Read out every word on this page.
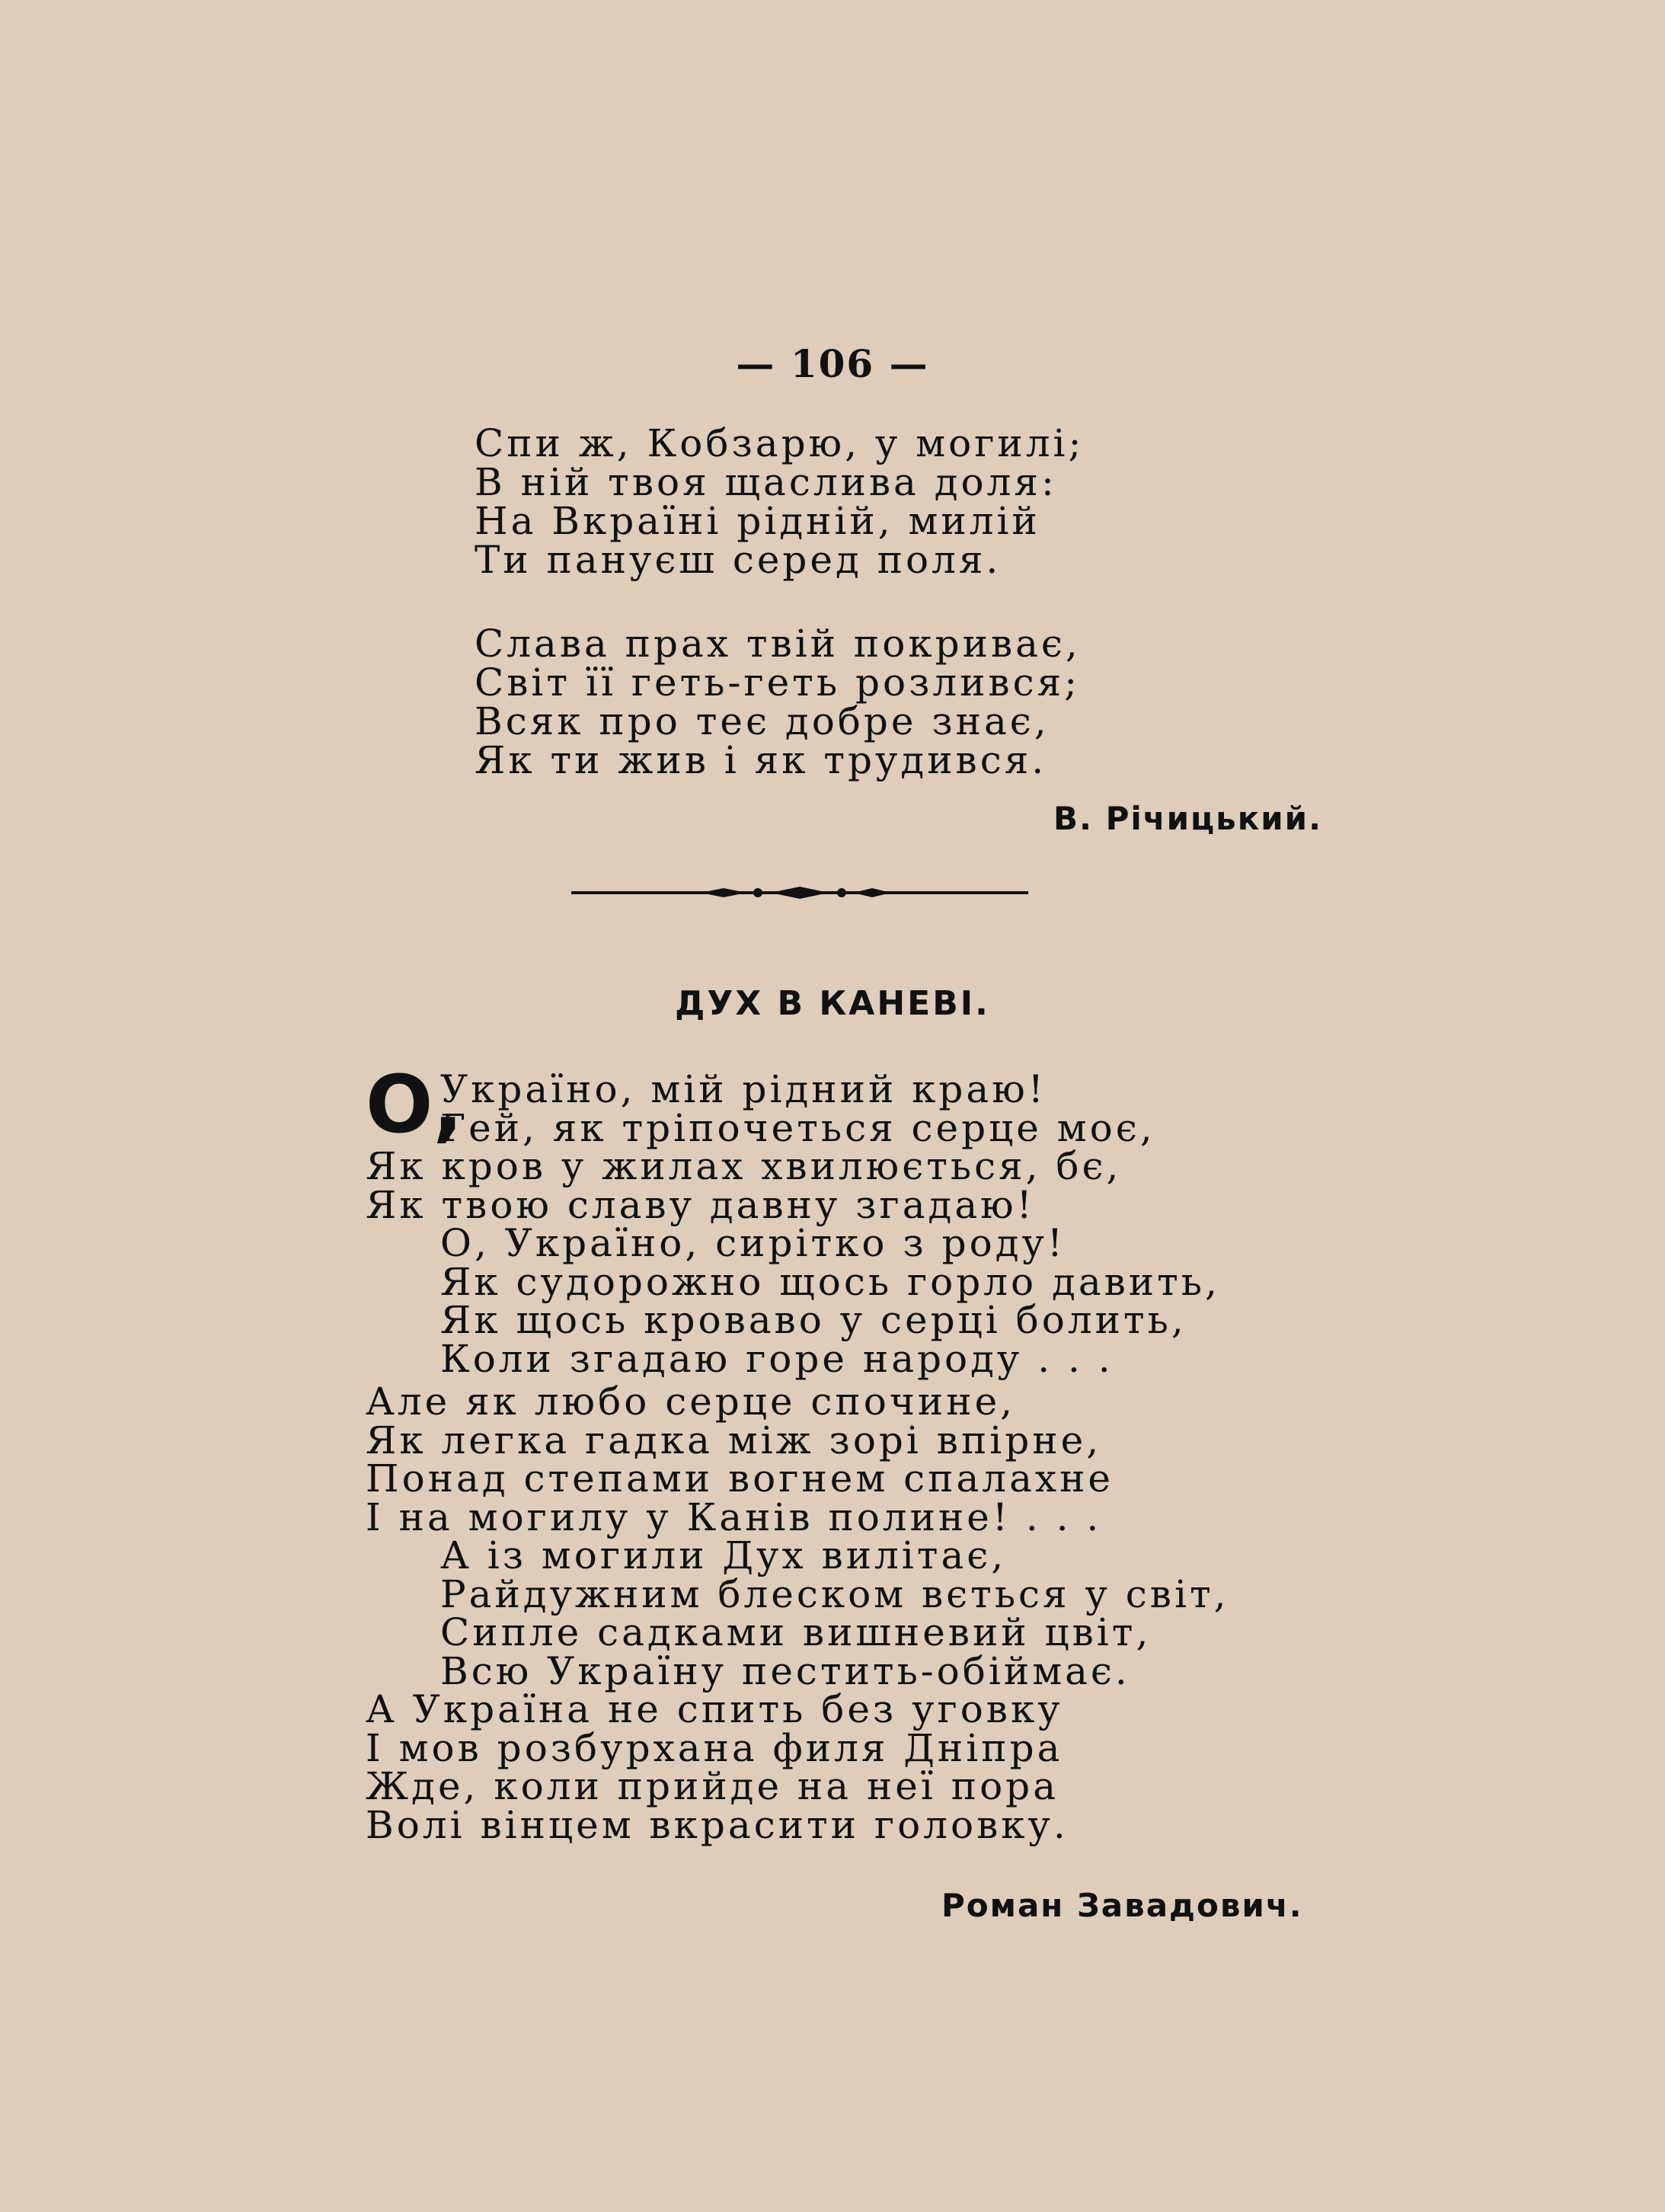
— 106 —
Спи ж, Кобзарю, у могилі;
В ній твоя щаслива доля:
На Вкраїні рідній, милій
Ти пануєш серед поля.
Слава прах твій покриває,
Світ її геть-геть розлився;
Всяк про теє добре знає,
Як ти жив і як трудився.
В. Річицький.
ДУХ В КАНЕВІ.
О,Україно, мій рідний краю!
Гей, як тріпочеться серце моє,
Як кров у жилах хвилюється, бє,
Як твою славу давну згадаю!
О, Україно, сирітко з роду!
Як судорожно щось горло давить,
Як щось кроваво у серці болить,
Коли згадаю горе народу . . .
Але як любо серце спочине,
Як легка гадка між зорі впірне,
Понад степами вогнем спалахне
І на могилу у Канів полине! . . .
А із могили Дух вилітає,
Райдужним блеском вється у світ,
Сипле садками вишневий цвіт,
Всю Україну пестить-обіймає.
А Україна не спить без уговку
І мов розбурхана филя Дніпра
Жде, коли прийде на неї пора
Волі вінцем вкрасити головку.
Роман Завадович.
